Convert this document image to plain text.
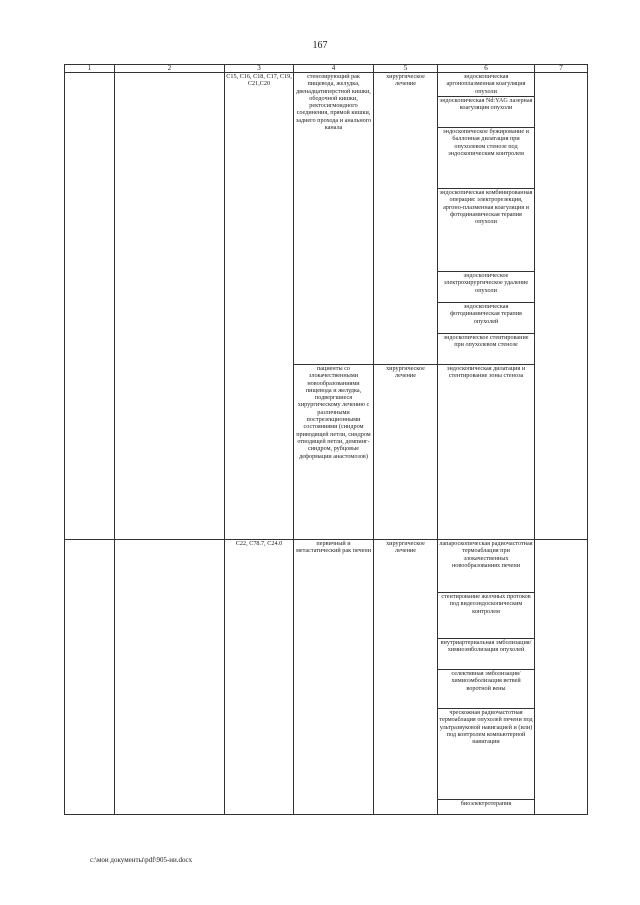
167
1	2	3	4	5	6	7
		C15, C16, C18, C17, C19, C21,C20	стенозирующий рак пищевода, желудка, двенадцатиперстной кишки, ободочной кишки, ректосигмоидного соединения, прямой кишки, заднего прохода и анального канала	хирургическое лечение	эндоскопическая аргоноплазменная коагуляция опухоли	
					эндоскопическая Nd:YAG лазерная коагуляция опухоли	
					эндоскопическое бужирование и баллонная дилатация при опухолевом стенозе под эндоскопическим контролем	
					эндоскопическая комбинированная операция: электрорезекция, аргоно-плазменная коагуляция и фотодинамическая терапия опухоли	
					эндоскопическое электрохирургическое удаление опухоли	
					эндоскопическая фотодинамическая терапия опухолей	
					эндоскопическое стентирование при опухолевом стенозе	
			пациенты со злокачественными новообразованиями пищевода и желудка, подвергшиеся хирургическому лечению с различными пострезекционными состояниями (синдром приводящей петли, синдром отводящей петли, демпинг-синдром, рубцовые деформации анастомозов)	хирургическое лечение	эндоскопическая дилатация и стентирование зоны стеноза	
		C22, C78.7, C24.0	первичный и метастатический рак печени	хирургическое лечение	лапароскопическая радиочастотная термоаблация при злокачественных новообразованиях печени	
					стентирование желчных протоков под видеоэндоскопическим контролем	
					внутриартериальная эмболизация/химиоэмболизация опухолей	
					селективная эмболизация/химиоэмболизация ветвей воротной вены	
					чрескожная радиочастотная термоаблация опухолей печени под ультразвуковой навигацией и (или) под контролем компьютерной навигации	
					биоэлектротерапия	
c:\мои документы\pdf\905-ии.docx
